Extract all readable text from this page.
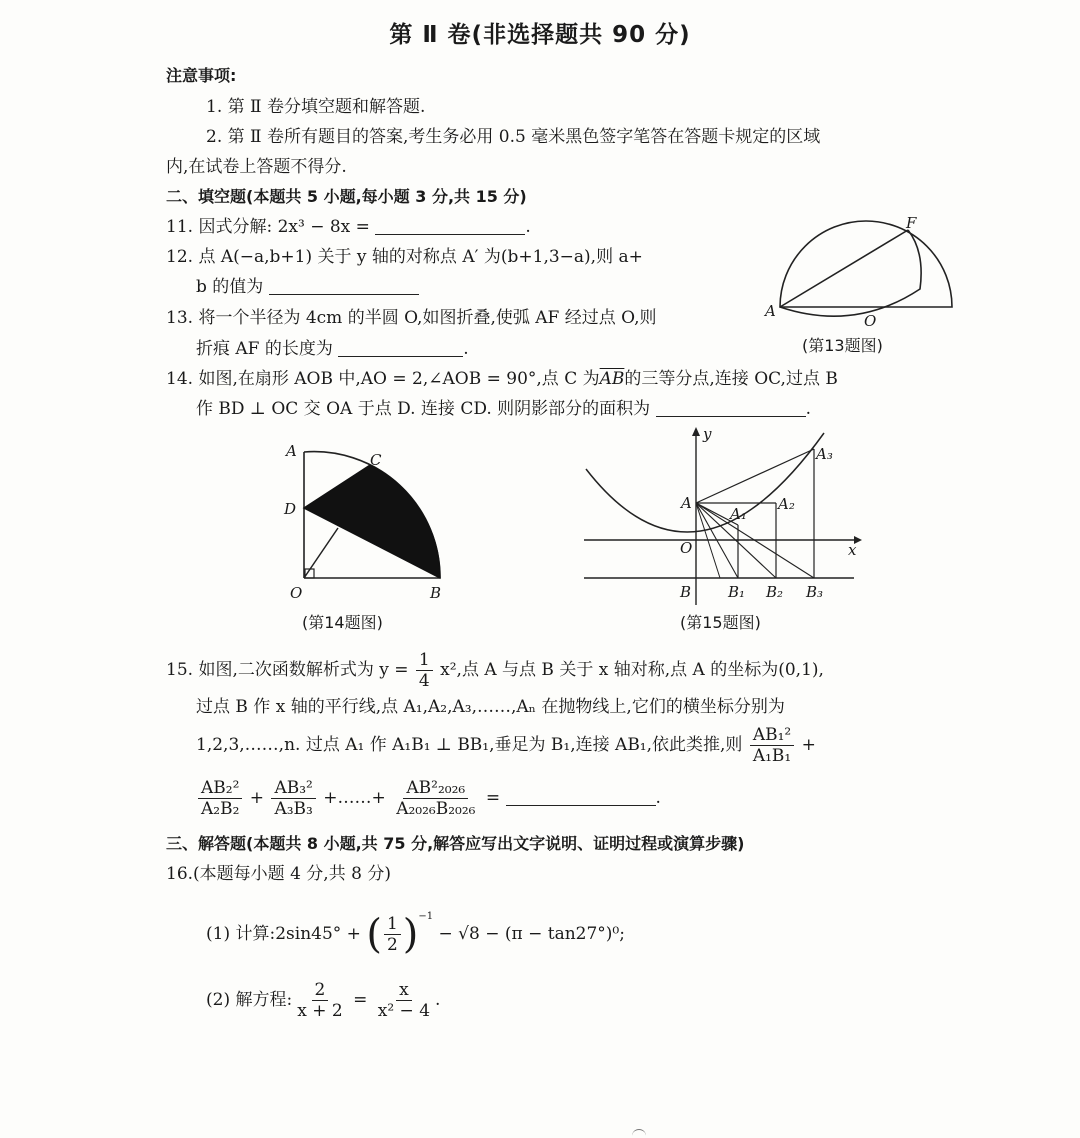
第 Ⅱ 卷(非选择题共 90 分)
注意事项:
1. 第 Ⅱ 卷分填空题和解答题.
2. 第 Ⅱ 卷所有题目的答案,考生务必用 0.5 毫米黑色签字笔答在答题卡规定的区域
内,在试卷上答题不得分.
二、填空题(本题共 5 小题,每小题 3 分,共 15 分)
11. 因式分解: 2x³ − 8x =	.
12. 点 A(−a,b+1) 关于 y 轴的对称点 A′ 为(b+1,3−a),则 a+
b 的值为
13. 将一个半径为 4cm 的半圆 O,如图折叠,使弧 AF 经过点 O,则
折痕 AF 的长度为	.
F
A
O
(第13题图)
14. 如图,在扇形 AOB 中,AO = 2,∠AOB = 90°,点 C 为$\overline{AB}$的三等分点,连接 OC,过点 B
作 BD ⊥ OC 交 OA 于点 D. 连接 CD. 则阴影部分的面积为	.
A	C
D
O	B
(第14题图)
y
x
A
O
B
A₁
A₂
A₃
B₁ B₂ B₃
(第15题图)
15. 如图,二次函数解析式为 $y = \frac{1}{4} x^2$,点 A 与点 B 关于 x 轴对称,点 A 的坐标为(0,1),
过点 B 作 x 轴的平行线,点 A₁,A₂,A₃,……,Aₙ 在抛物线上,它们的横坐标分别为
1,2,3,……,n. 过点 A₁ 作 A₁B₁ ⊥ BB₁,垂足为 B₁,连接 AB₁,依此类推,则 $\frac{\text{AB₁²}}{\text{A₁B₁}}$ +
$\frac{\text{AB₂²}}{\text{A₂B₂}} + \frac{\text{AB₃²}}{\text{A₃B₃}}$ +……+ $\frac{\text{AB²₂₀₂₆}}{\text{A₂₀₂₆B₂₀₂₆}}$ =	.
三、解答题(本题共 8 小题,共 75 分,解答应写出文字说明、证明过程或演算步骤)
16.(本题每小题 4 分,共 8 分)
(1) 计算:2sin45° + ( $\frac{1}{2} )^{-1} - √8 - (\pi - \tan 27^\circ)^0$;
(2) 解方程: $\frac{2}{x + 2} = \frac{x}{\text{x² − 4}}$ .
